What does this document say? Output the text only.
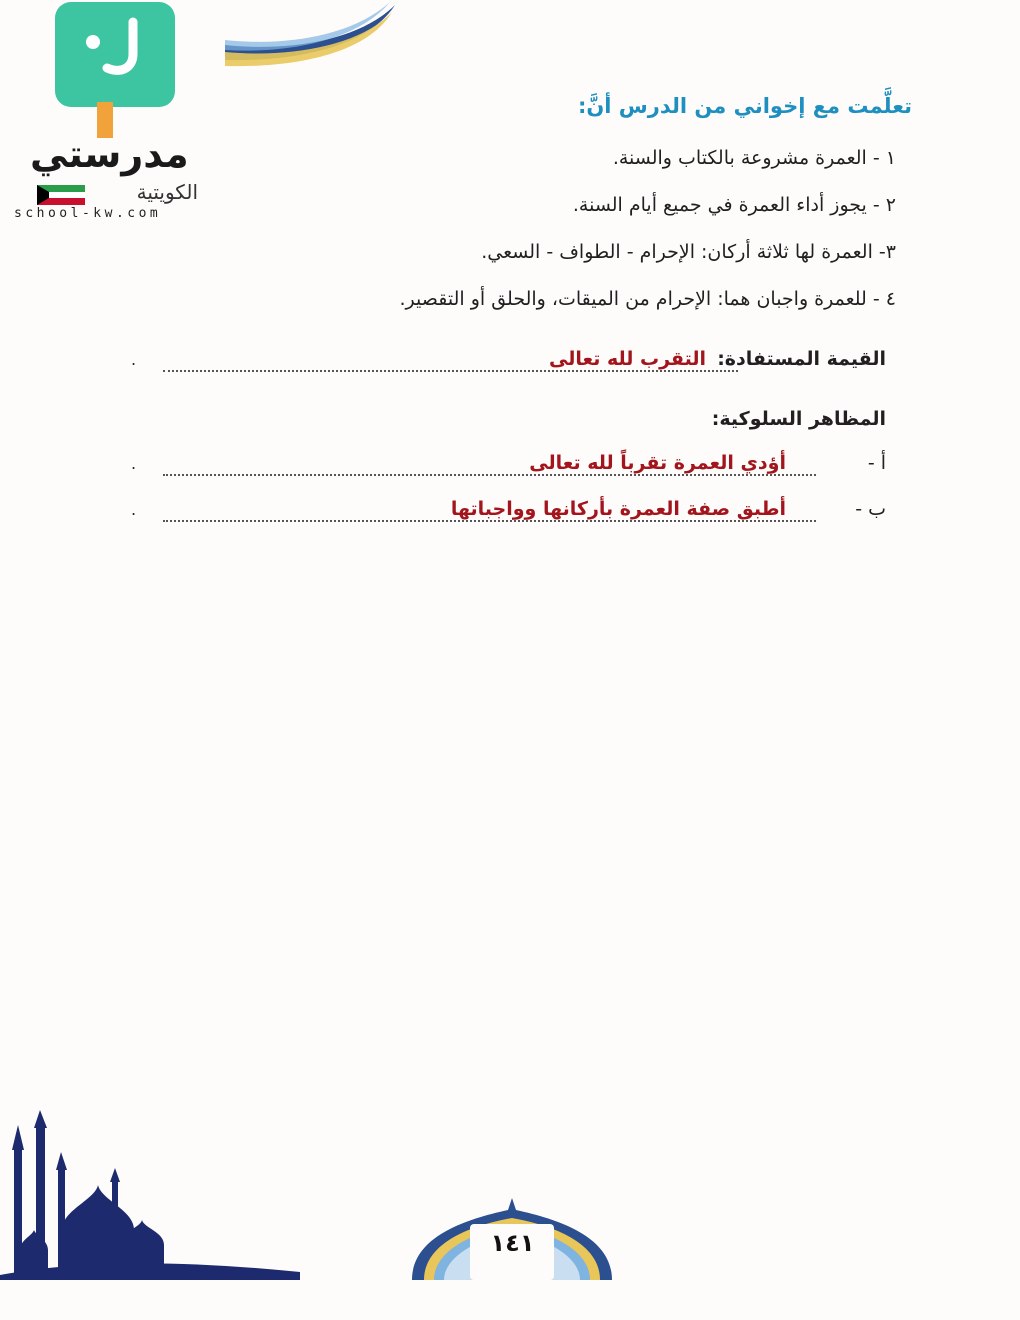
مدرستي
الكويتية
school-kw.com
تعلَّمت مع إخواني من الدرس أنَّ:
١ - العمرة مشروعة بالكتاب والسنة.
٢ - يجوز أداء العمرة في جميع أيام السنة.
٣- العمرة لها ثلاثة أركان: الإحرام - الطواف - السعي.
٤ - للعمرة واجبان هما: الإحرام من الميقات، والحلق أو التقصير.
القيمة المستفادة:
التقرب لله تعالى
.
المظاهر السلوكية:
أ -
أؤدي العمرة تقرباً لله تعالى
.
ب -
أطبق صفة العمرة بأركانها وواجباتها
.
١٤١
